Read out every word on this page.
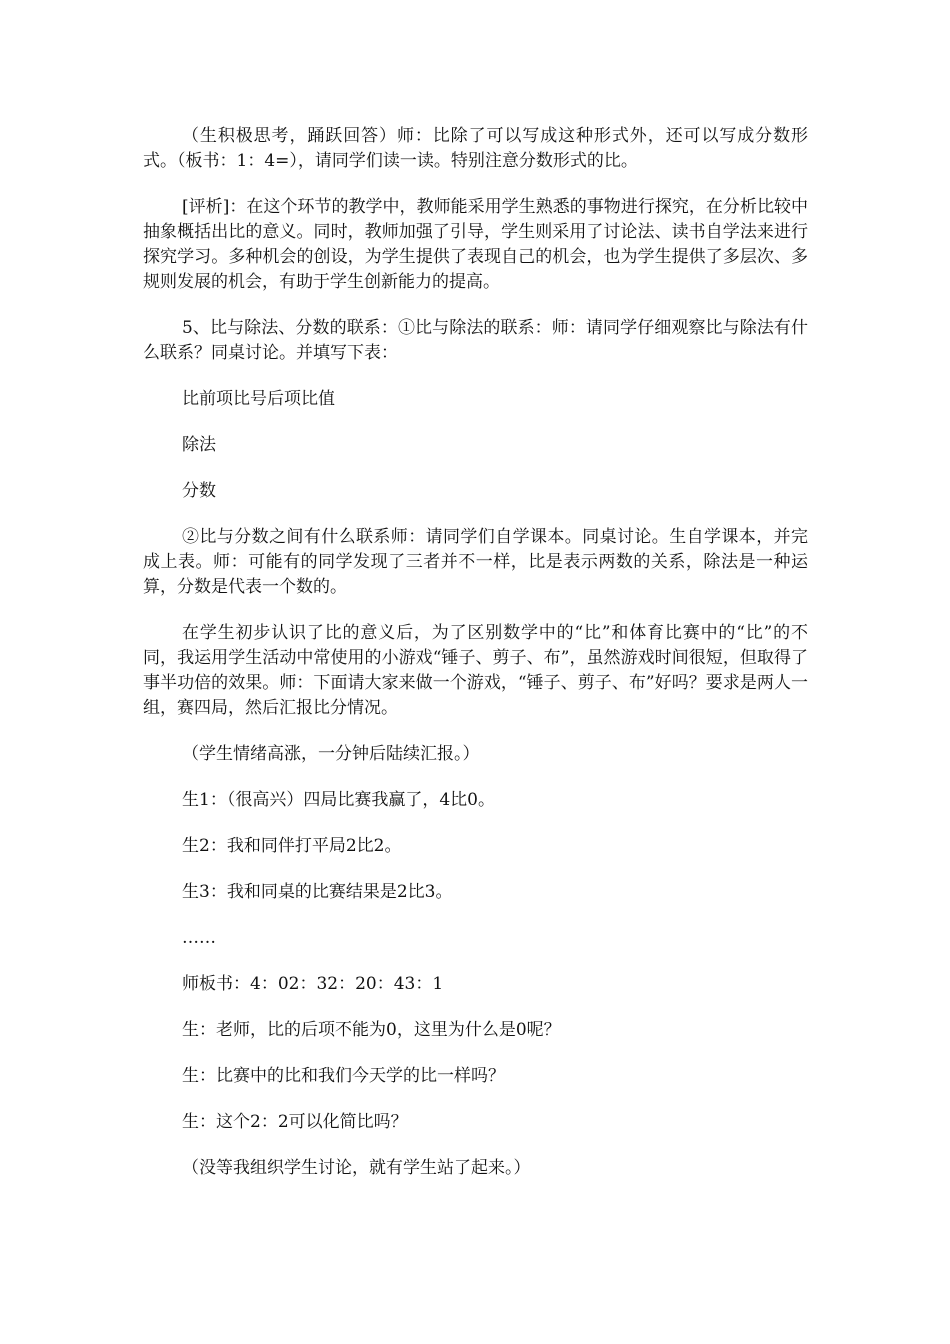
（生积极思考，踊跃回答）师：比除了可以写成这种形式外，还可以写成分数形式。（板书：1：4=），请同学们读一读。特别注意分数形式的比。

[评析]：在这个环节的教学中，教师能采用学生熟悉的事物进行探究，在分析比较中抽象概括出比的意义。同时，教师加强了引导，学生则采用了讨论法、读书自学法来进行探究学习。多种机会的创设，为学生提供了表现自己的机会，也为学生提供了多层次、多规则发展的机会，有助于学生创新能力的提高。

5、比与除法、分数的联系：①比与除法的联系：师：请同学仔细观察比与除法有什么联系？同桌讨论。并填写下表：

比前项比号后项比值

除法

分数

②比与分数之间有什么联系师：请同学们自学课本。同桌讨论。生自学课本，并完成上表。师：可能有的同学发现了三者并不一样，比是表示两数的关系，除法是一种运算，分数是代表一个数的。

在学生初步认识了比的意义后，为了区别数学中的“比”和体育比赛中的“比”的不同，我运用学生活动中常使用的小游戏“锤子、剪子、布”，虽然游戏时间很短，但取得了事半功倍的效果。师：下面请大家来做一个游戏，“锤子、剪子、布”好吗？要求是两人一组，赛四局，然后汇报比分情况。

（学生情绪高涨，一分钟后陆续汇报。）

生1：（很高兴）四局比赛我赢了，4比0。

生2：我和同伴打平局2比2。

生3：我和同桌的比赛结果是2比3。

……

师板书：4：02：32：20：43：1

生：老师，比的后项不能为0，这里为什么是0呢？

生：比赛中的比和我们今天学的比一样吗？

生：这个2：2可以化简比吗？

（没等我组织学生讨论，就有学生站了起来。）
